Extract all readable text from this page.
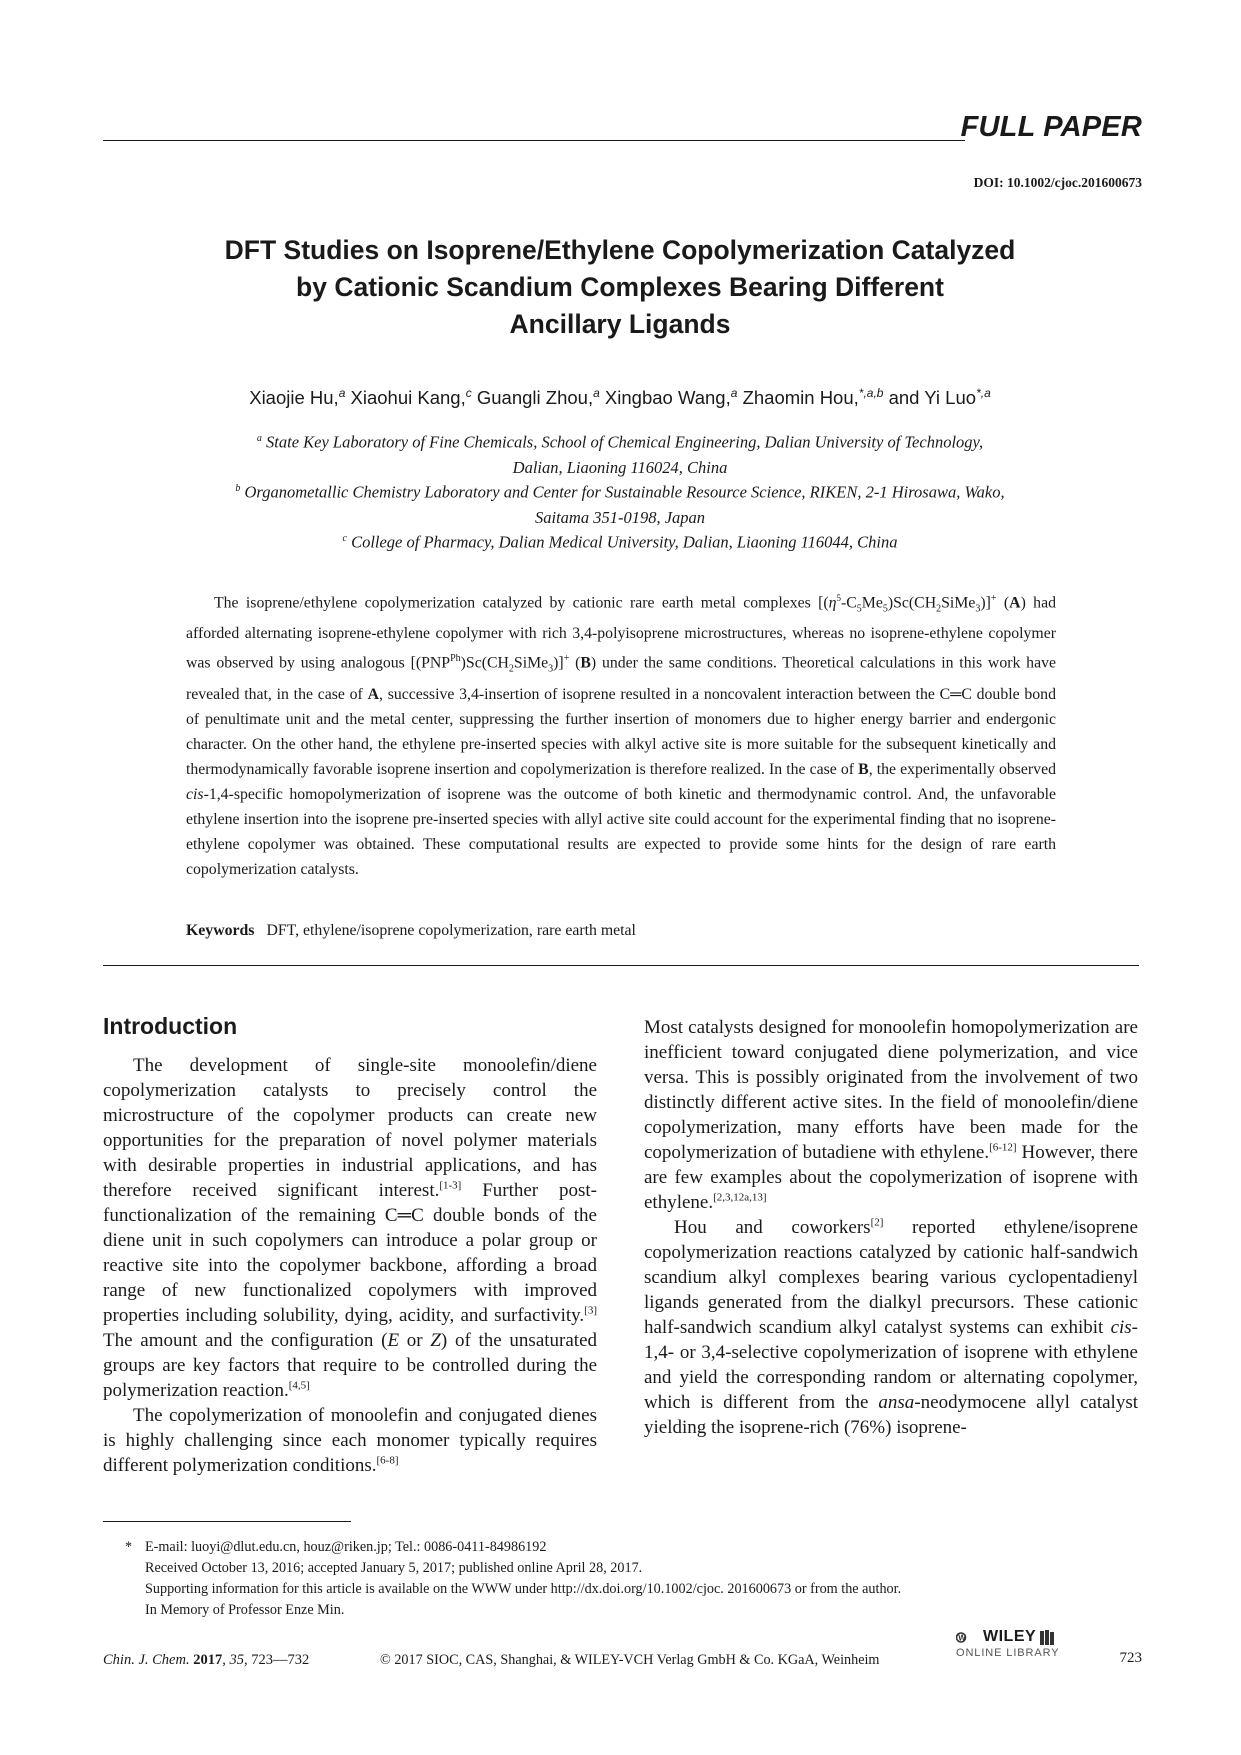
FULL PAPER
DOI: 10.1002/cjoc.201600673
DFT Studies on Isoprene/Ethylene Copolymerization Catalyzed
by Cationic Scandium Complexes Bearing Different
Ancillary Ligands
Xiaojie Hu,$^a$ Xiaohui Kang,$^c$ Guangli Zhou,$^a$ Xingbao Wang,$^a$ Zhaomin Hou,$^{*,a,b}$ and Yi Luo$^{*,a}$
$^a$ State Key Laboratory of Fine Chemicals, School of Chemical Engineering, Dalian University of Technology,
Dalian, Liaoning 116024, China
$^b$ Organometallic Chemistry Laboratory and Center for Sustainable Resource Science, RIKEN, 2-1 Hirosawa, Wako,
Saitama 351-0198, Japan
$^c$ College of Pharmacy, Dalian Medical University, Dalian, Liaoning 116044, China
The isoprene/ethylene copolymerization catalyzed by cationic rare earth metal complexes $[(\eta^5-C_5Me_5)Sc(CH_2SiMe_3)]^+$ (A) had afforded alternating isoprene-ethylene copolymer with rich 3,4-polyisoprene microstructures, whereas no isoprene-ethylene copolymer was observed by using analogous $[(PNP^{Ph})Sc(CH_2SiMe_3)]^+$ (B) under the same conditions. Theoretical calculations in this work have revealed that, in the case of A, successive 3,4-insertion of isoprene resulted in a noncovalent interaction between the C═C double bond of penultimate unit and the metal center, suppressing the further insertion of monomers due to higher energy barrier and endergonic character. On the other hand, the ethylene pre-inserted species with alkyl active site is more suitable for the subsequent kinetically and thermodynamically favorable isoprene insertion and copolymerization is therefore realized. In the case of B, the experimentally observed cis-1,4-specific homopolymerization of isoprene was the outcome of both kinetic and thermodynamic control. And, the unfavorable ethylene insertion into the isoprene pre-inserted species with allyl active site could account for the experimental finding that no isoprene-ethylene copolymer was obtained. These computational results are expected to provide some hints for the design of rare earth copolymerization catalysts.
Keywords DFT, ethylene/isoprene copolymerization, rare earth metal
Introduction

The development of single-site monoolefin/diene copolymerization catalysts to precisely control the microstructure of the copolymer products can create new opportunities for the preparation of novel polymer materials with desirable properties in industrial applications, and has therefore received significant interest.[1-3] Further post-functionalization of the remaining C═C double bonds of the diene unit in such copolymers can introduce a polar group or reactive site into the copolymer backbone, affording a broad range of new functionalized copolymers with improved properties including solubility, dying, acidity, and surfactivity.[3] The amount and the configuration (E or Z) of the unsaturated groups are key factors that require to be controlled during the polymerization reaction.[4,5]

The copolymerization of monoolefin and conjugated dienes is highly challenging since each monomer typically requires different polymerization conditions.[6-8]

Most catalysts designed for monoolefin homopolymerization are inefficient toward conjugated diene polymerization, and vice versa. This is possibly originated from the involvement of two distinctly different active sites. In the field of monoolefin/diene copolymerization, many efforts have been made for the copolymerization of butadiene with ethylene.[6-12] However, there are few examples about the copolymerization of isoprene with ethylene.[2,3,12a,13]

Hou and coworkers[2] reported ethylene/isoprene copolymerization reactions catalyzed by cationic half-sandwich scandium alkyl complexes bearing various cyclopentadienyl ligands generated from the dialkyl precursors. These cationic half-sandwich scandium alkyl catalyst systems can exhibit cis-1,4- or 3,4-selective copolymerization of isoprene with ethylene and yield the corresponding random or alternating copolymer, which is different from the ansa-neodymocene allyl catalyst yielding the isoprene-rich (76%) isoprene-

* E-mail: luoyi@dlut.edu.cn, houz@riken.jp; Tel.: 0086-0411-84986192
Received October 13, 2016; accepted January 5, 2017; published online April 28, 2017.
Supporting information for this article is available on the WWW under http://dx.doi.org/10.1002/cjoc. 201600673 or from the author.
In Memory of Professor Enze Min.
Chin. J. Chem. 2017, 35, 723—732	© 2017 SIOC, CAS, Shanghai, & WILEY-VCH Verlag GmbH & Co. KGaA, Weinheim
W WILEY
ONLINE LIBRARY	723
